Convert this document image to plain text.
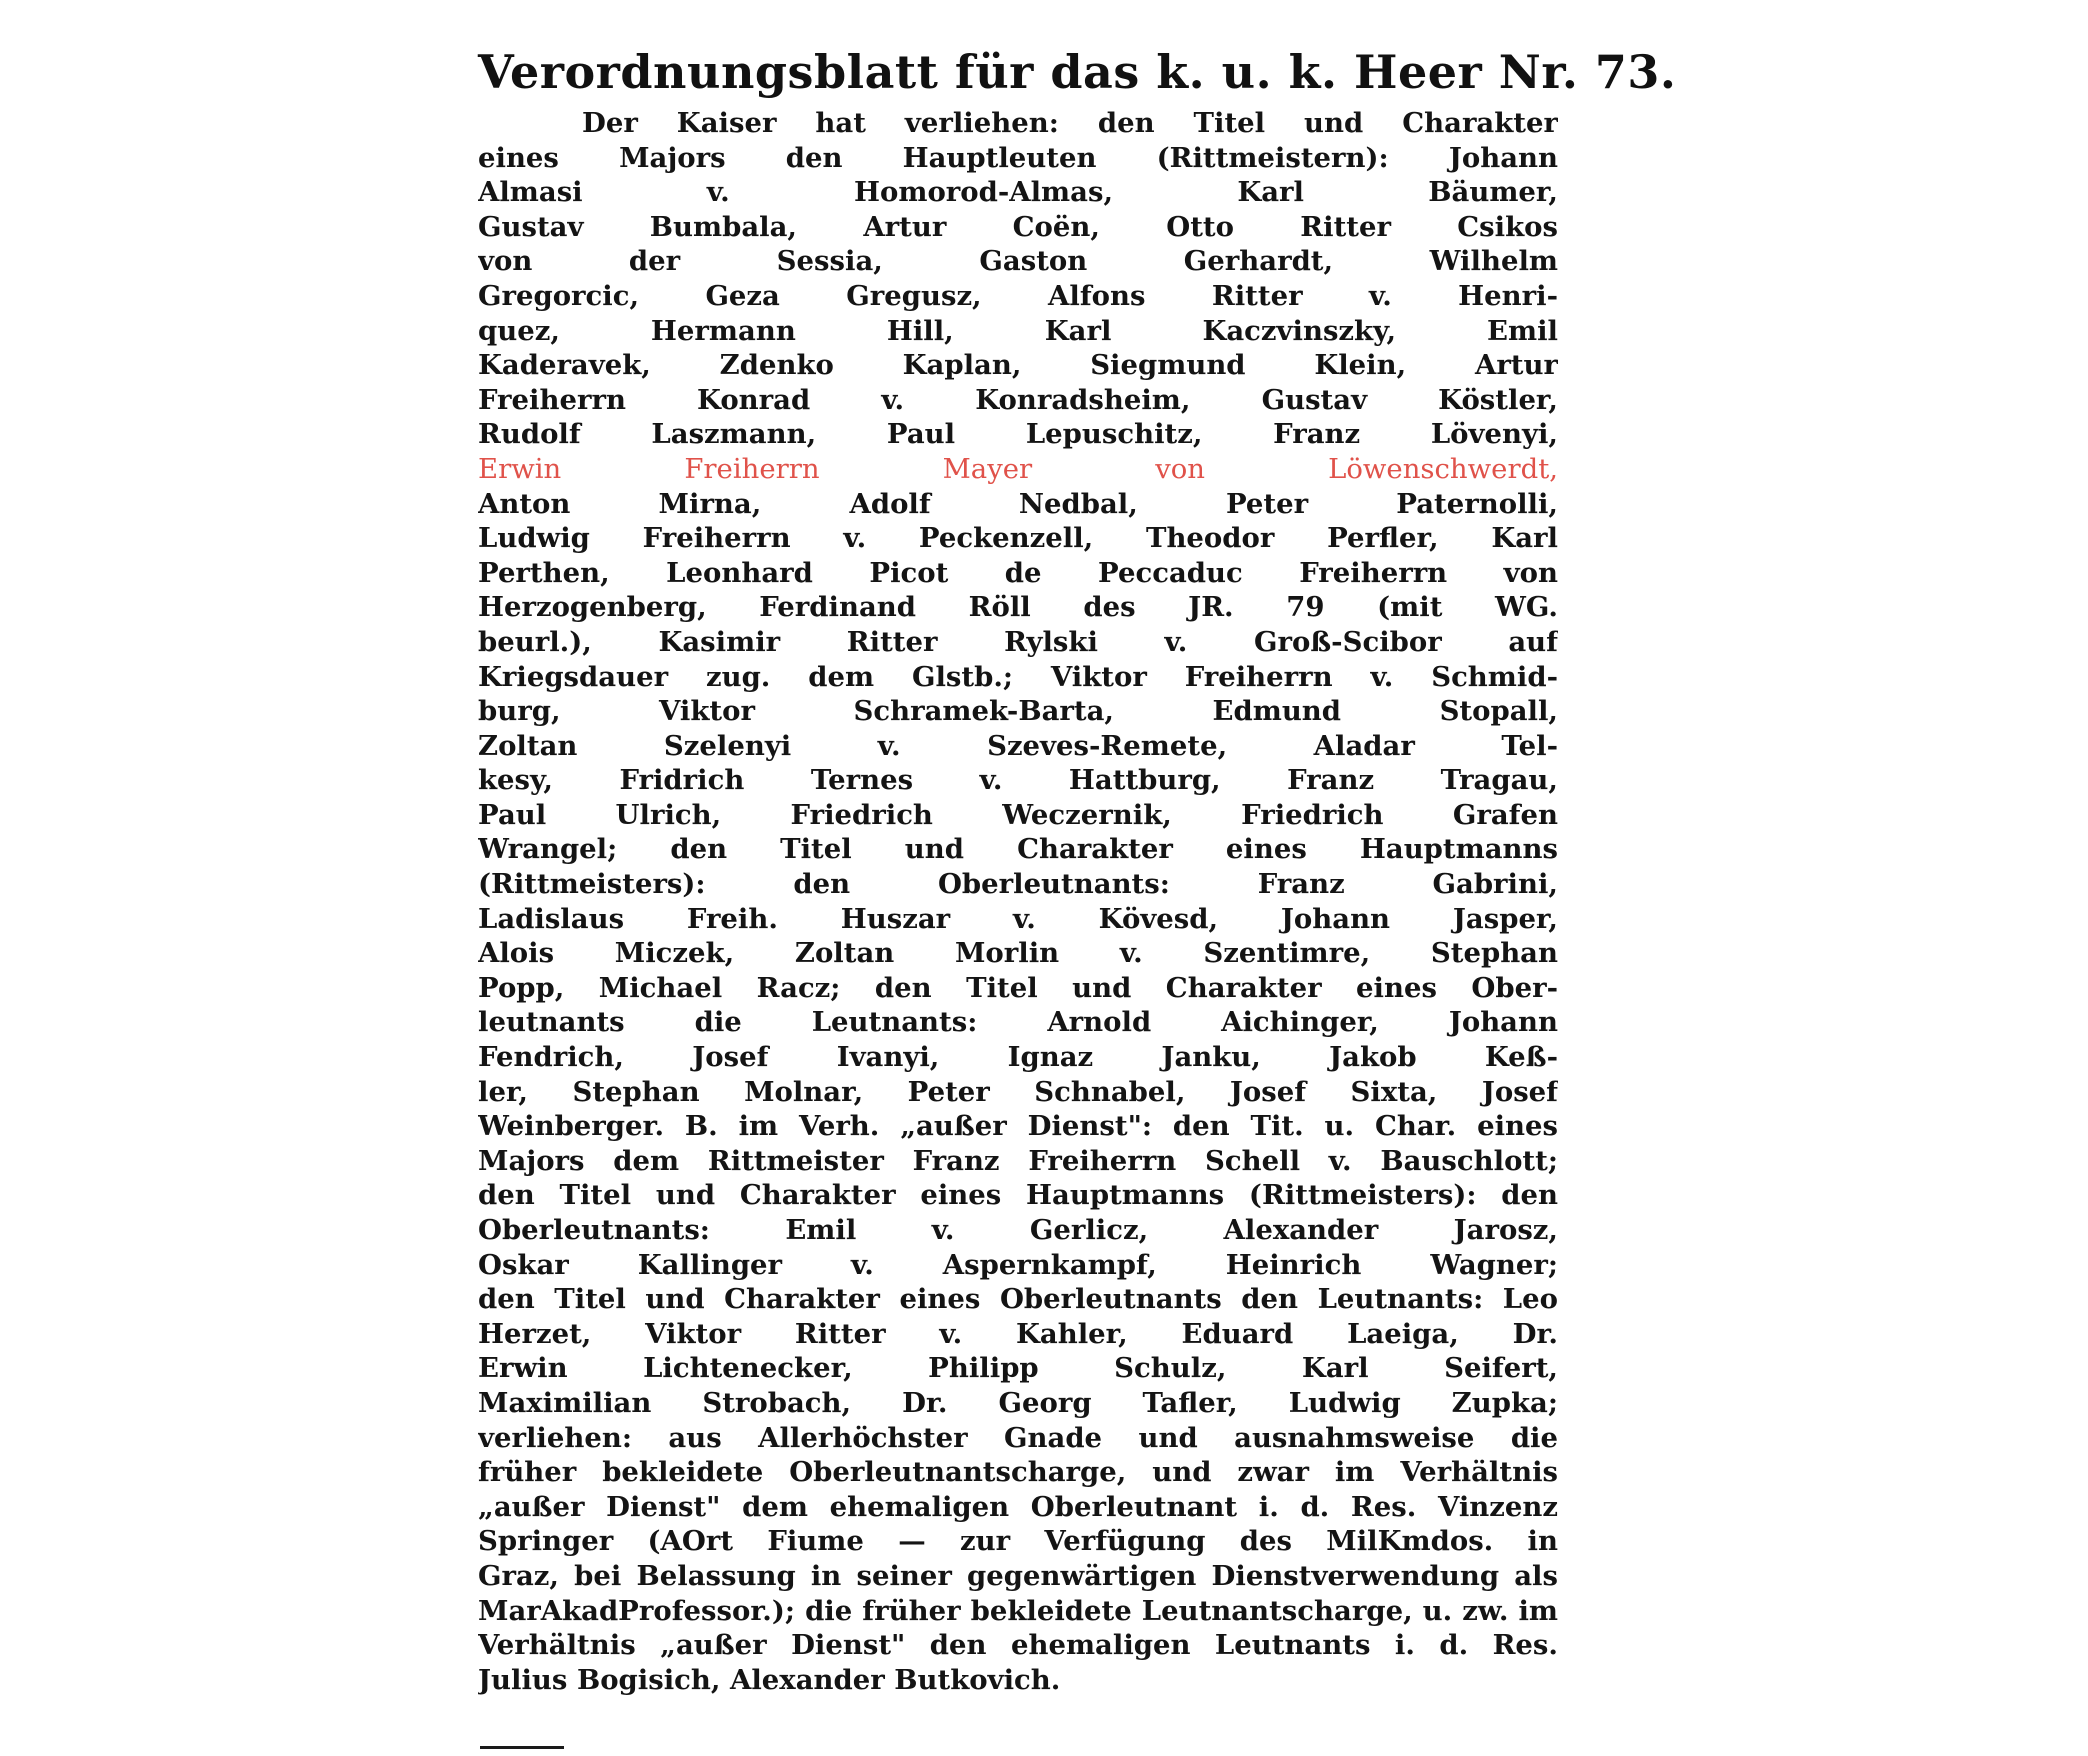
Verordnungsblatt für das k. u. k. Heer Nr. 73.
Der Kaiser hat verliehen: den Titel und Charakter
eines Majors den Hauptleuten (Rittmeistern): Johann
Almasi v. Homorod-Almas, Karl Bäumer,
Gustav Bumbala, Artur Coën, Otto Ritter Csikos
von der Sessia, Gaston Gerhardt, Wilhelm
Gregorcic, Geza Gregusz, Alfons Ritter v. Henri-
quez, Hermann Hill, Karl Kaczvinszky, Emil
Kaderavek, Zdenko Kaplan, Siegmund Klein, Artur
Freiherrn Konrad v. Konradsheim, Gustav Köstler,
Rudolf Laszmann, Paul Lepuschitz, Franz Lövenyi,
Erwin Freiherrn Mayer von Löwenschwerdt,
Anton Mirna, Adolf Nedbal, Peter Paternolli,
Ludwig Freiherrn v. Peckenzell, Theodor Perfler, Karl
Perthen, Leonhard Picot de Peccaduc Freiherrn von
Herzogenberg, Ferdinand Röll des JR. 79 (mit WG.
beurl.), Kasimir Ritter Rylski v. Groß-Scibor auf
Kriegsdauer zug. dem Glstb.; Viktor Freiherrn v. Schmid-
burg, Viktor Schramek-Barta, Edmund Stopall,
Zoltan Szelenyi v. Szeves-Remete, Aladar Tel-
kesy, Fridrich Ternes v. Hattburg, Franz Tragau,
Paul Ulrich, Friedrich Weczernik, Friedrich Grafen
Wrangel; den Titel und Charakter eines Hauptmanns
(Rittmeisters): den Oberleutnants: Franz Gabrini,
Ladislaus Freih. Huszar v. Kövesd, Johann Jasper,
Alois Miczek, Zoltan Morlin v. Szentimre, Stephan
Popp, Michael Racz; den Titel und Charakter eines Ober-
leutnants die Leutnants: Arnold Aichinger, Johann
Fendrich, Josef Ivanyi, Ignaz Janku, Jakob Keß-
ler, Stephan Molnar, Peter Schnabel, Josef Sixta, Josef
Weinberger. B. im Verh. „außer Dienst": den Tit. u. Char. eines
Majors dem Rittmeister Franz Freiherrn Schell v. Bauschlott;
den Titel und Charakter eines Hauptmanns (Rittmeisters): den
Oberleutnants: Emil v. Gerlicz, Alexander Jarosz,
Oskar Kallinger v. Aspernkampf, Heinrich Wagner;
den Titel und Charakter eines Oberleutnants den Leutnants: Leo
Herzet, Viktor Ritter v. Kahler, Eduard Laeiga, Dr.
Erwin Lichtenecker, Philipp Schulz, Karl Seifert,
Maximilian Strobach, Dr. Georg Tafler, Ludwig Zupka;
verliehen: aus Allerhöchster Gnade und ausnahmsweise die
früher bekleidete Oberleutnantscharge, und zwar im Verhältnis
„außer Dienst" dem ehemaligen Oberleutnant i. d. Res. Vinzenz
Springer (AOrt Fiume — zur Verfügung des MilKmdos. in
Graz, bei Belassung in seiner gegenwärtigen Dienstverwendung als
MarAkadProfessor.); die früher bekleidete Leutnantscharge, u. zw. im
Verhältnis „außer Dienst" den ehemaligen Leutnants i. d. Res.
Julius Bogisich, Alexander Butkovich.
